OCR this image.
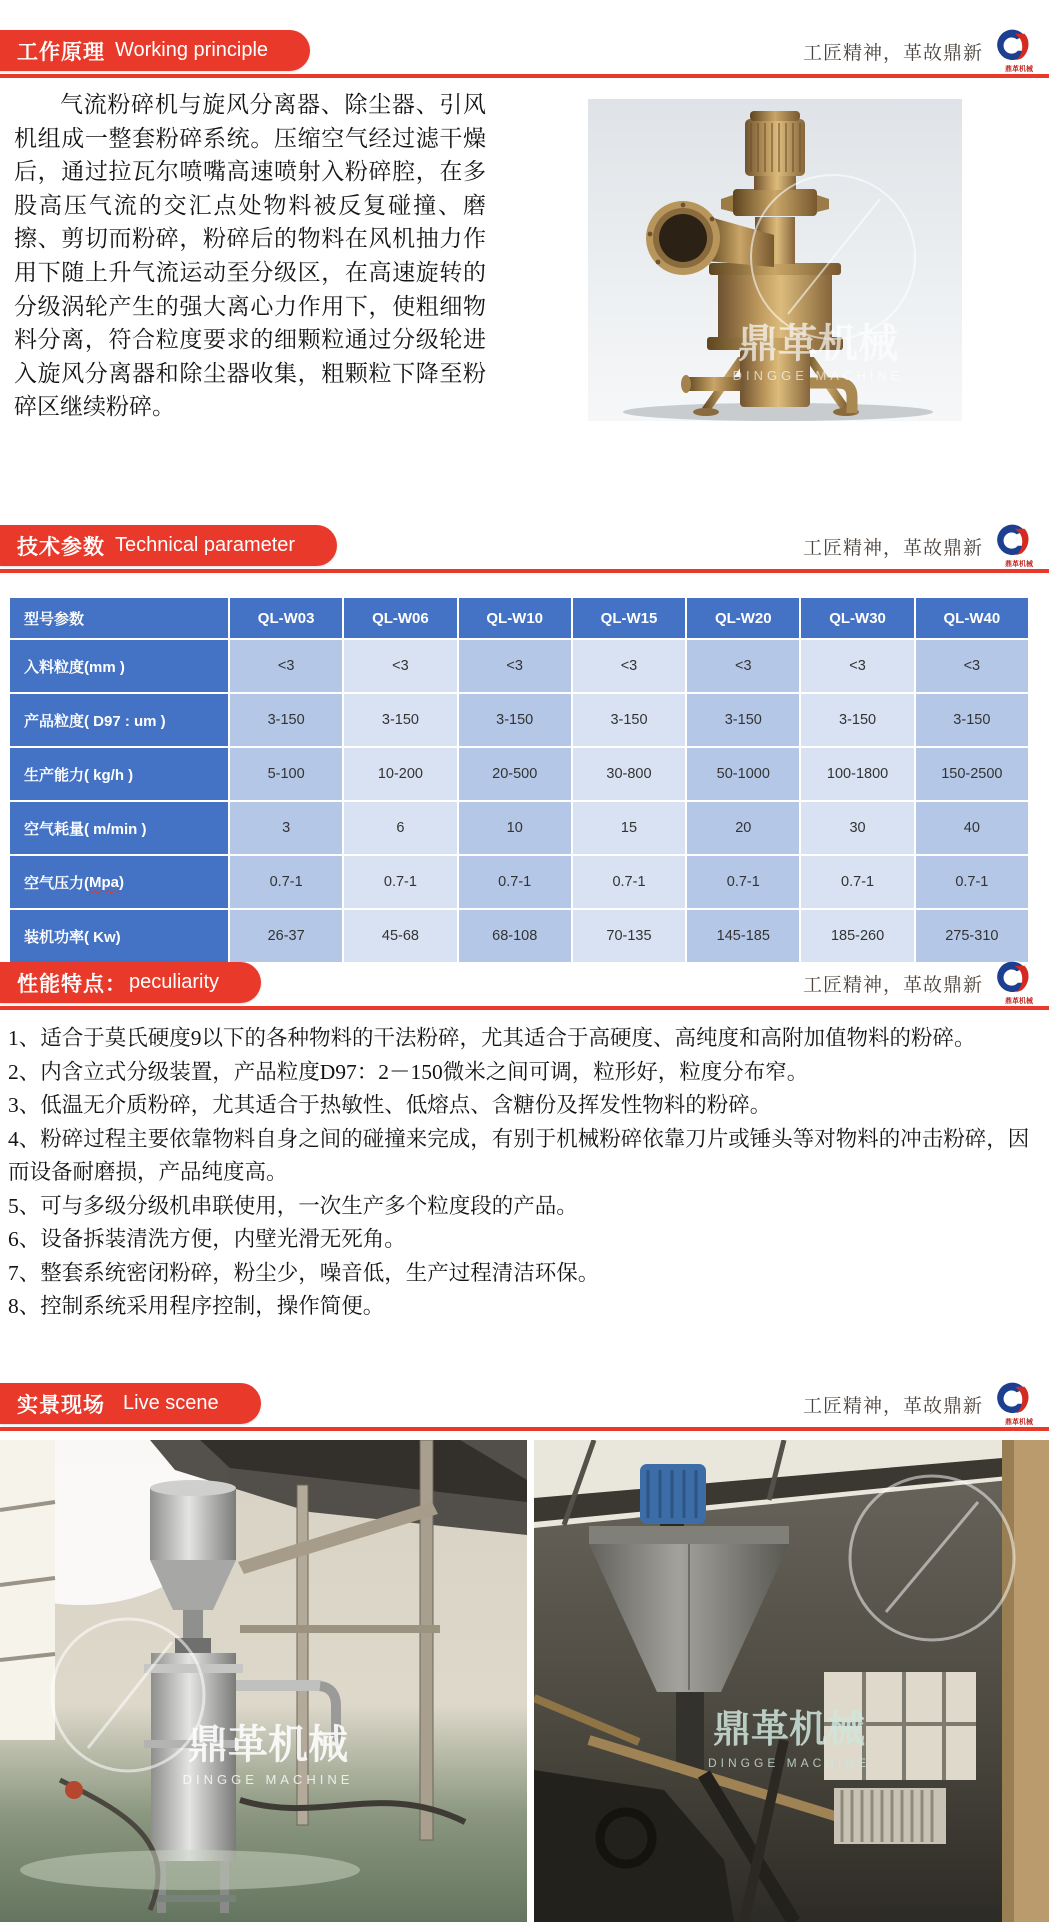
工作原理 Working principle	工匠精神，革故鼎新
鼎革机械
气流粉碎机与旋风分离器、除尘器、引风机组成一整套粉碎系统。压缩空气经过滤干燥后，通过拉瓦尔喷嘴高速喷射入粉碎腔，在多股高压气流的交汇点处物料被反复碰撞、磨擦、剪切而粉碎，粉碎后的物料在风机抽力作用下随上升气流运动至分级区，在高速旋转的分级涡轮产生的强大离心力作用下，使粗细物料分离，符合粒度要求的细颗粒通过分级轮进入旋风分离器和除尘器收集，粗颗粒下降至粉碎区继续粉碎。
鼎革机械
DINGGE MACHINE
技术参数 Technical parameter	工匠精神，革故鼎新
鼎革机械
型号参数	QL-W03	QL-W06	QL-W10	QL-W15	QL-W20	QL-W30	QL-W40
入料粒度(mm )	<3	<3	<3	<3	<3	<3	<3
产品粒度( D97 : um )	3-150	3-150	3-150	3-150	3-150	3-150	3-150
生产能力( kg/h )	5-100	10-200	20-500	30-800	50-1000	100-1800	150-2500
空气耗量( m/min )	3	6	10	15	20	30	40
空气压力( Mpa )	0.7-1	0.7-1	0.7-1	0.7-1	0.7-1	0.7-1	0.7-1
装机功率( Kw)	26-37	45-68	68-108	70-135	145-185	185-260	275-310
性能特点： peculiarity	工匠精神，革故鼎新
鼎革机械
1、适合于莫氏硬度9以下的各种物料的干法粉碎，尤其适合于高硬度、高纯度和高附加值物料的粉碎。
2、内含立式分级装置，产品粒度D97：2－150微米之间可调，粒形好，粒度分布窄。
3、低温无介质粉碎，尤其适合于热敏性、低熔点、含糖份及挥发性物料的粉碎。
4、粉碎过程主要依靠物料自身之间的碰撞来完成，有别于机械粉碎依靠刀片或锤头等对物料的冲击粉碎，因而设备耐磨损，产品纯度高。
5、可与多级分级机串联使用，一次生产多个粒度段的产品。
6、设备拆装清洗方便，内壁光滑无死角。
7、整套系统密闭粉碎，粉尘少，噪音低，生产过程清洁环保。
8、控制系统采用程序控制，操作简便。
实景现场 Live scene	工匠精神，革故鼎新
鼎革机械
鼎革机械
DINGGE MACHINE
鼎革机械
DINGGE MACHINE
